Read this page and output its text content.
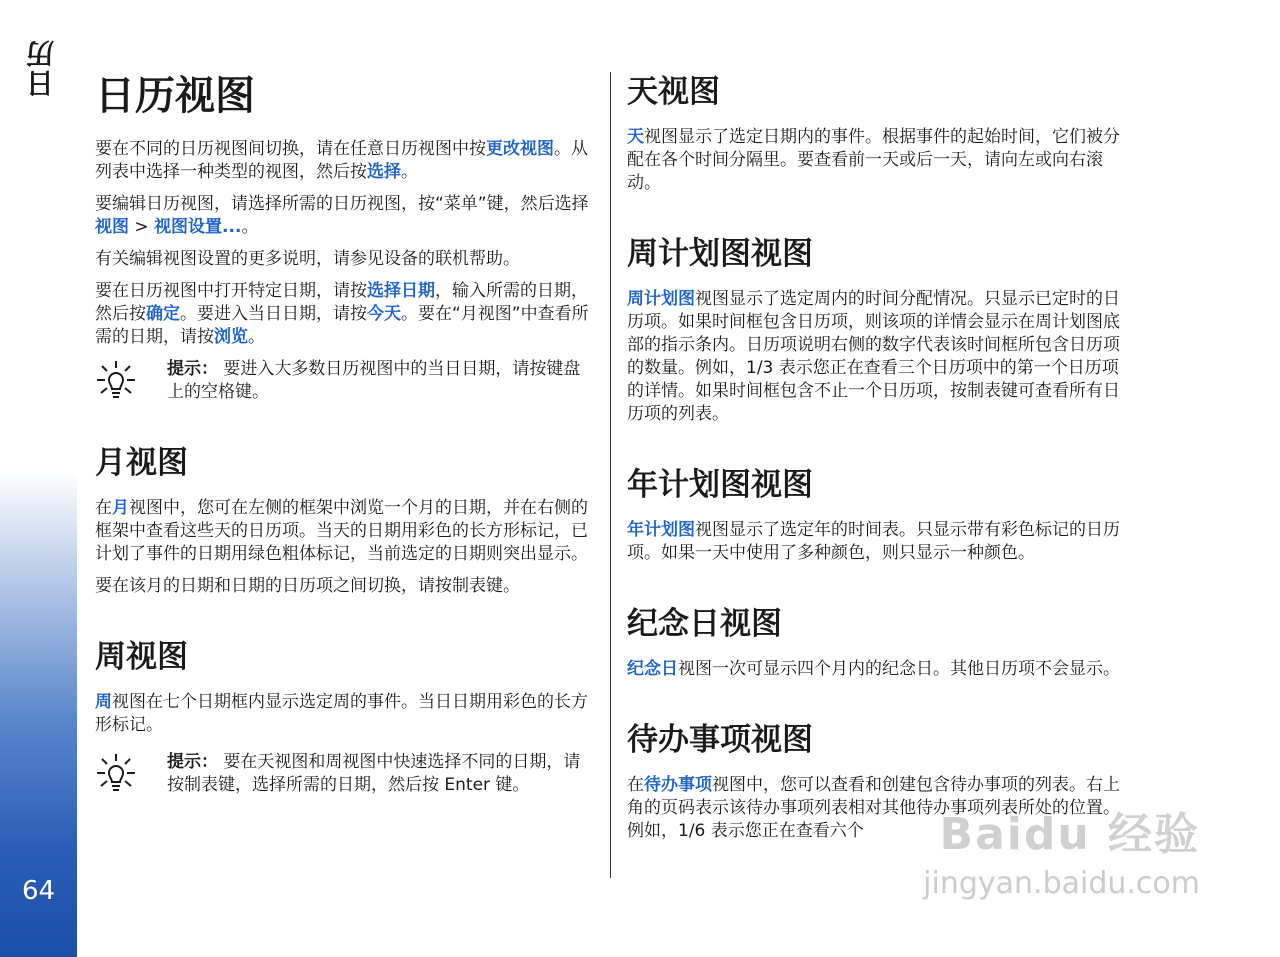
日历
64
日历视图

要在不同的日历视图间切换，请在任意日历视图中按更改视图。从列表中选择一种类型的视图，然后按选择。

要编辑日历视图，请选择所需的日历视图，按“菜单”键，然后选择视图 > 视图设置...。

有关编辑视图设置的更多说明，请参见设备的联机帮助。

要在日历视图中打开特定日期，请按选择日期，输入所需的日期，然后按确定。要进入当日日期，请按今天。要在“月视图”中查看所需的日期，请按浏览。

提示： 要进入大多数日历视图中的当日日期，请按键盘上的空格键。
月视图

在月视图中，您可在左侧的框架中浏览一个月的日期，并在右侧的框架中查看这些天的日历项。当天的日期用彩色的长方形标记，已计划了事件的日期用绿色粗体标记，当前选定的日期则突出显示。

要在该月的日期和日期的日历项之间切换，请按制表键。

周视图

周视图在七个日期框内显示选定周的事件。当日日期用彩色的长方形标记。

提示： 要在天视图和周视图中快速选择不同的日期，请按制表键，选择所需的日期，然后按 Enter 键。
天视图

天视图显示了选定日期内的事件。根据事件的起始时间，它们被分配在各个时间分隔里。要查看前一天或后一天，请向左或向右滚动。

周计划图视图

周计划图视图显示了选定周内的时间分配情况。只显示已定时的日历项。如果时间框包含日历项，则该项的详情会显示在周计划图底部的指示条内。日历项说明右侧的数字代表该时间框所包含日历项的数量。例如，1/3 表示您正在查看三个日历项中的第一个日历项的详情。如果时间框包含不止一个日历项，按制表键可查看所有日历项的列表。

年计划图视图

年计划图视图显示了选定年的时间表。只显示带有彩色标记的日历项。如果一天中使用了多种颜色，则只显示一种颜色。

纪念日视图

纪念日视图一次可显示四个月内的纪念日。其他日历项不会显示。

待办事项视图

在待办事项视图中，您可以查看和创建包含待办事项的列表。右上角的页码表示该待办事项列表相对其他待办事项列表所处的位置。例如，1/6 表示您正在查看六个	Baidu 经验
jingyan.baidu.com
